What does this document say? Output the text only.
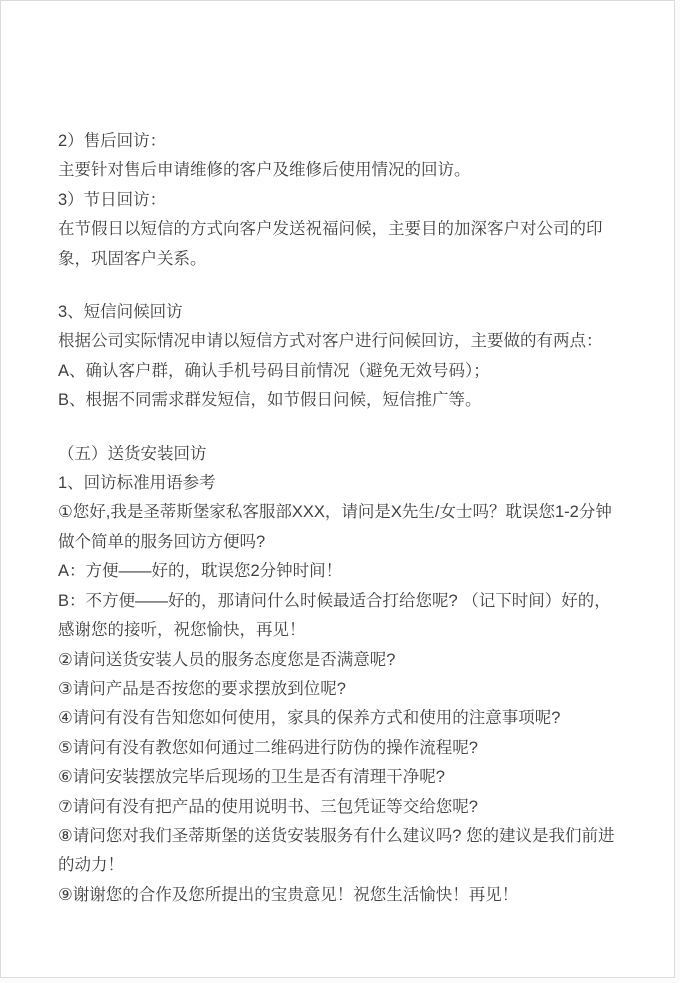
2）售后回访：

主要针对售后申请维修的客户及维修后使用情况的回访。

3）节日回访：

在节假日以短信的方式向客户发送祝福问候，主要目的加深客户对公司的印象，巩固客户关系。

3、短信问候回访

根据公司实际情况申请以短信方式对客户进行问候回访，主要做的有两点：

A、确认客户群，确认手机号码目前情况（避免无效号码）；

B、根据不同需求群发短信，如节假日问候，短信推广等。

（五）送货安装回访

1、回访标准用语参考

①您好,我是圣蒂斯堡家私客服部XXX，请问是X先生/女士吗？耽误您1-2分钟做个简单的服务回访方便吗?

A：方便——好的，耽误您2分钟时间！

B：不方便——好的，那请问什么时候最适合打给您呢? （记下时间）好的，感谢您的接听，祝您愉快，再见！

②请问送货安装人员的服务态度您是否满意呢?

③请问产品是否按您的要求摆放到位呢?

④请问有没有告知您如何使用，家具的保养方式和使用的注意事项呢?

⑤请问有没有教您如何通过二维码进行防伪的操作流程呢?

⑥请问安装摆放完毕后现场的卫生是否有清理干净呢?

⑦请问有没有把产品的使用说明书、三包凭证等交给您呢?

⑧请问您对我们圣蒂斯堡的送货安装服务有什么建议吗? 您的建议是我们前进的动力！

⑨谢谢您的合作及您所提出的宝贵意见！祝您生活愉快！再见！
